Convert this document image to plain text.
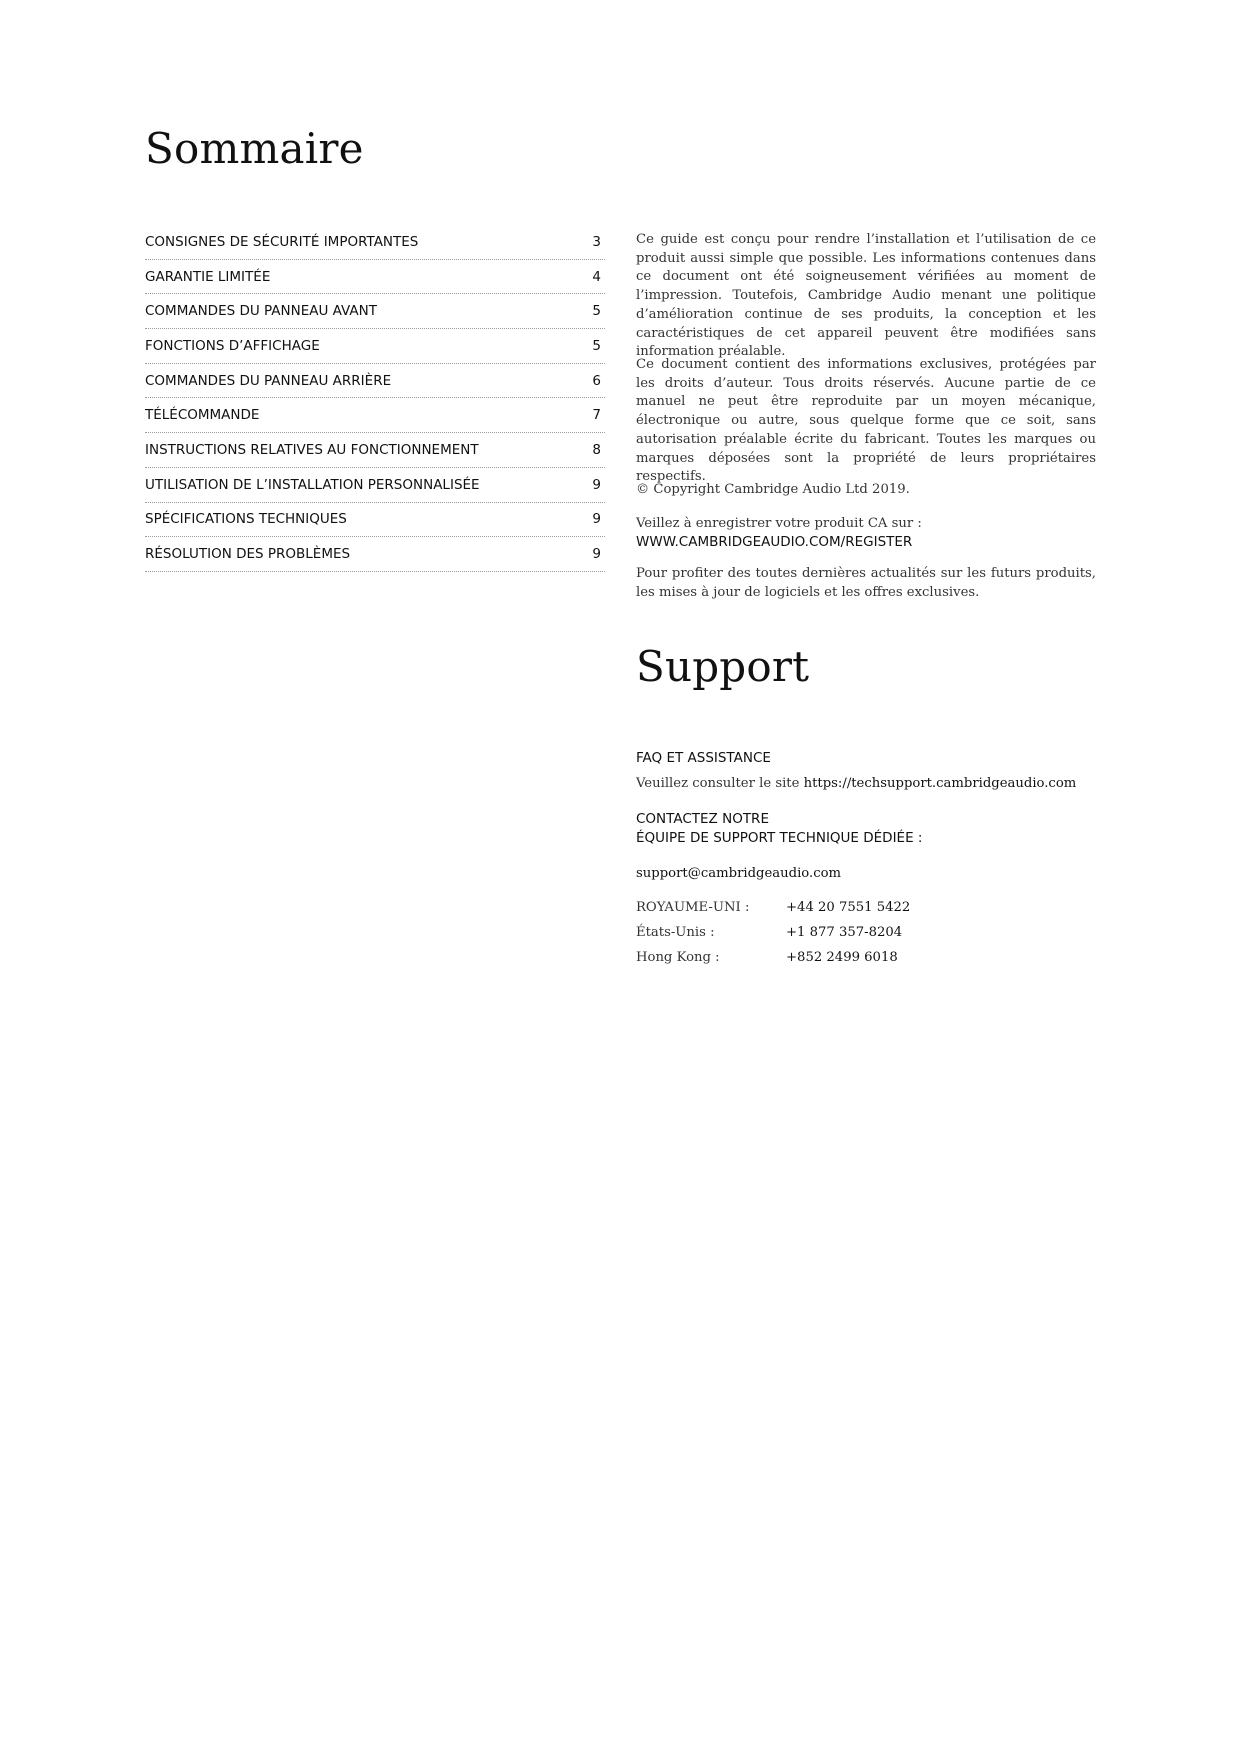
Sommaire
CONSIGNES DE SÉCURITÉ IMPORTANTES	3
GARANTIE LIMITÉE	4
COMMANDES DU PANNEAU AVANT	5
FONCTIONS D’AFFICHAGE	5
COMMANDES DU PANNEAU ARRIÈRE	6
TÉLÉCOMMANDE	7
INSTRUCTIONS RELATIVES AU FONCTIONNEMENT	8
UTILISATION DE L’INSTALLATION PERSONNALISÉE	9
SPÉCIFICATIONS TECHNIQUES	9
RÉSOLUTION DES PROBLÈMES	9

Ce guide est conçu pour rendre l’installation et l’utilisation de ce produit aussi simple que possible. Les informations contenues dans ce document ont été soigneusement vérifiées au moment de l’impression. Toutefois, Cambridge Audio menant une politique d’amélioration continue de ses produits, la conception et les caractéristiques de cet appareil peuvent être modifiées sans information préalable.

Ce document contient des informations exclusives, protégées par les droits d’auteur. Tous droits réservés. Aucune partie de ce manuel ne peut être reproduite par un moyen mécanique, électronique ou autre, sous quelque forme que ce soit, sans autorisation préalable écrite du fabricant. Toutes les marques ou marques déposées sont la propriété de leurs propriétaires respectifs.

© Copyright Cambridge Audio Ltd 2019.

Veillez à enregistrer votre produit CA sur :

WWW.CAMBRIDGEAUDIO.COM/REGISTER

Pour profiter des toutes dernières actualités sur les futurs produits, les mises à jour de logiciels et les offres exclusives.

Support

FAQ ET ASSISTANCE

Veuillez consulter le site https://techsupport.cambridgeaudio.com

CONTACTEZ NOTRE

ÉQUIPE DE SUPPORT TECHNIQUE DÉDIÉE :

support@cambridgeaudio.com

ROYAUME-UNI :	+44 20 7551 5422
États-Unis :	+1 877 357-8204
Hong Kong :	+852 2499 6018
